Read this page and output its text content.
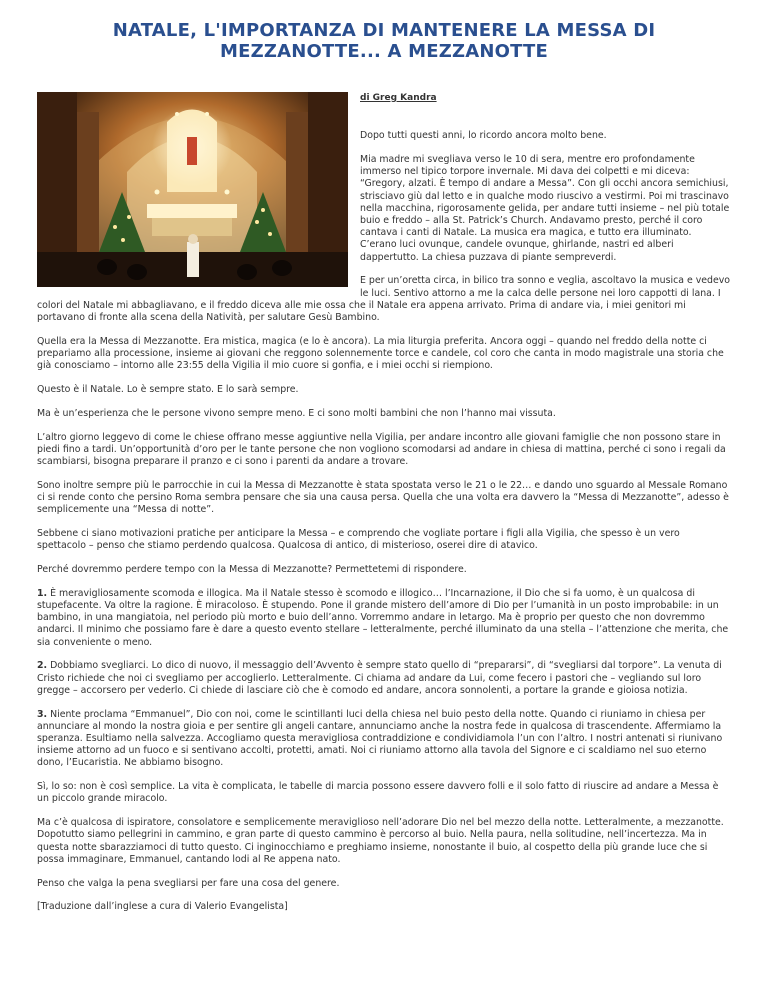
NATALE, L'IMPORTANZA DI MANTENERE LA MESSA DI MEZZANOTTE... A MEZZANOTTE

di Greg Kandra

Dopo tutti questi anni, lo ricordo ancora molto bene.

Mia madre mi svegliava verso le 10 di sera, mentre ero profondamente immerso nel tipico torpore invernale. Mi dava dei colpetti e mi diceva: “Gregory, alzati. È tempo di andare a Messa”. Con gli occhi ancora semichiusi, strisciavo giù dal letto e in qualche modo riuscivo a vestirmi. Poi mi trascinavo nella macchina, rigorosamente gelida, per andare tutti insieme – nel più totale buio e freddo – alla St. Patrick’s Church. Andavamo presto, perché il coro cantava i canti di Natale. La musica era magica, e tutto era illuminato. C’erano luci ovunque, candele ovunque, ghirlande, nastri ed alberi dappertutto. La chiesa puzzava di piante sempreverdi.

E per un’oretta circa, in bilico tra sonno e veglia, ascoltavo la musica e vedevo le luci. Sentivo attorno a me la calca delle persone nei loro cappotti di lana. I colori del Natale mi abbagliavano, e il freddo diceva alle mie ossa che il Natale era appena arrivato. Prima di andare via, i miei genitori mi portavano di fronte alla scena della Natività, per salutare Gesù Bambino.

Quella era la Messa di Mezzanotte. Era mistica, magica (e lo è ancora). La mia liturgia preferita. Ancora oggi – quando nel freddo della notte ci prepariamo alla processione, insieme ai giovani che reggono solennemente torce e candele, col coro che canta in modo magistrale una storia che già conosciamo – intorno alle 23:55 della Vigilia il mio cuore si gonfia, e i miei occhi si riempiono.

Questo è il Natale. Lo è sempre stato. E lo sarà sempre.

Ma è un’esperienza che le persone vivono sempre meno. E ci sono molti bambini che non l’hanno mai vissuta.

L’altro giorno leggevo di come le chiese offrano messe aggiuntive nella Vigilia, per andare incontro alle giovani famiglie che non possono stare in piedi fino a tardi. Un’opportunità d’oro per le tante persone che non vogliono scomodarsi ad andare in chiesa di mattina, perché ci sono i regali da scambiarsi, bisogna preparare il pranzo e ci sono i parenti da andare a trovare.

Sono inoltre sempre più le parrocchie in cui la Messa di Mezzanotte è stata spostata verso le 21 o le 22… e dando uno sguardo al Messale Romano ci si rende conto che persino Roma sembra pensare che sia una causa persa. Quella che una volta era davvero la “Messa di Mezzanotte”, adesso è semplicemente una “Messa di notte”.

Sebbene ci siano motivazioni pratiche per anticipare la Messa – e comprendo che vogliate portare i figli alla Vigilia, che spesso è un vero spettacolo – penso che stiamo perdendo qualcosa. Qualcosa di antico, di misterioso, oserei dire di atavico.

Perché dovremmo perdere tempo con la Messa di Mezzanotte? Permettetemi di rispondere.

1. È meravigliosamente scomoda e illogica. Ma il Natale stesso è scomodo e illogico… l’Incarnazione, il Dio che si fa uomo, è un qualcosa di stupefacente. Va oltre la ragione. È miracoloso. È stupendo. Pone il grande mistero dell’amore di Dio per l’umanità in un posto improbabile: in un bambino, in una mangiatoia, nel periodo più morto e buio dell’anno. Vorremmo andare in letargo. Ma è proprio per questo che non dovremmo andarci. Il minimo che possiamo fare è dare a questo evento stellare – letteralmente, perché illuminato da una stella – l’attenzione che merita, che sia conveniente o meno.

2. Dobbiamo svegliarci. Lo dico di nuovo, il messaggio dell’Avvento è sempre stato quello di “prepararsi”, di “svegliarsi dal torpore”. La venuta di Cristo richiede che noi ci svegliamo per accoglierlo. Letteralmente. Ci chiama ad andare da Lui, come fecero i pastori che – vegliando sul loro gregge – accorsero per vederlo. Ci chiede di lasciare ciò che è comodo ed andare, ancora sonnolenti, a portare la grande e gioiosa notizia.

3. Niente proclama “Emmanuel”, Dio con noi, come le scintillanti luci della chiesa nel buio pesto della notte. Quando ci riuniamo in chiesa per annunciare al mondo la nostra gioia e per sentire gli angeli cantare, annunciamo anche la nostra fede in qualcosa di trascendente. Affermiamo la speranza. Esultiamo nella salvezza. Accogliamo questa meravigliosa contraddizione e condividiamola l’un con l’altro. I nostri antenati si riunivano insieme attorno ad un fuoco e si sentivano accolti, protetti, amati. Noi ci riuniamo attorno alla tavola del Signore e ci scaldiamo nel suo eterno dono, l’Eucaristia. Ne abbiamo bisogno.

Sì, lo so: non è così semplice. La vita è complicata, le tabelle di marcia possono essere davvero folli e il solo fatto di riuscire ad andare a Messa è un piccolo grande miracolo.

Ma c’è qualcosa di ispiratore, consolatore e semplicemente meraviglioso nell’adorare Dio nel bel mezzo della notte. Letteralmente, a mezzanotte. Dopotutto siamo pellegrini in cammino, e gran parte di questo cammino è percorso al buio. Nella paura, nella solitudine, nell’incertezza. Ma in questa notte sbarazziamoci di tutto questo. Ci inginocchiamo e preghiamo insieme, nonostante il buio, al cospetto della più grande luce che si possa immaginare, Emmanuel, cantando lodi al Re appena nato.

Penso che valga la pena svegliarsi per fare una cosa del genere.

[Traduzione dall’inglese a cura di Valerio Evangelista]
